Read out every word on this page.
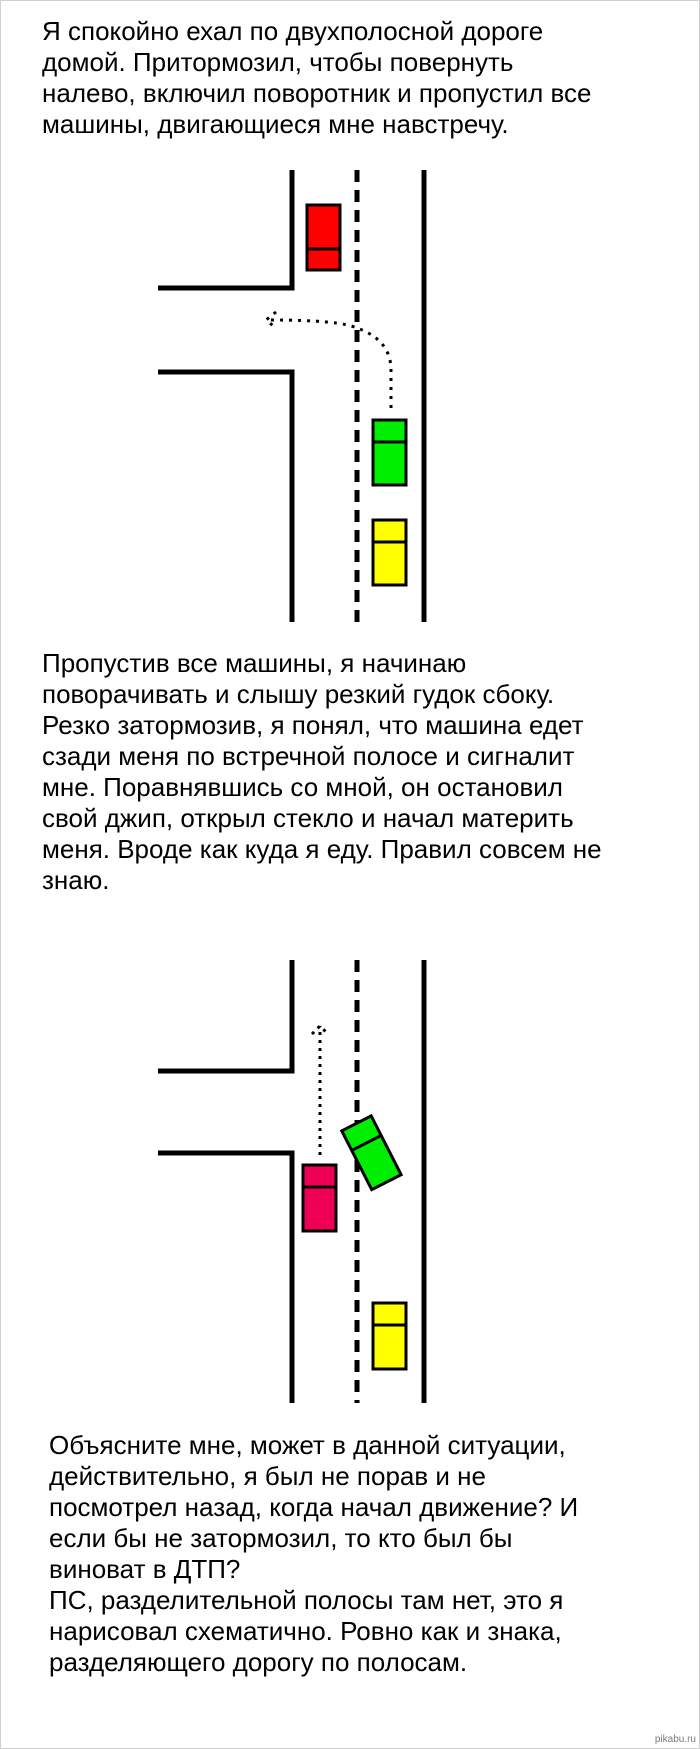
Я спокойно ехал по двухполосной дороге
домой. Притормозил, чтобы повернуть
налево, включил поворотник и пропустил все
машины, двигающиеся мне навстречу.
Пропустив все машины, я начинаю
поворачивать и слышу резкий гудок сбоку.
Резко затормозив, я понял, что машина едет
сзади меня по встречной полосе и сигналит
мне. Поравнявшись со мной, он остановил
свой джип, открыл стекло и начал материть
меня. Вроде как куда я еду. Правил совсем не
знаю.
Объясните мне, может в данной ситуации,
действительно, я был не порав и не
посмотрел назад, когда начал движение? И
если бы не затормозил, то кто был бы
виноват в ДТП?
ПС, разделительной полосы там нет, это я
нарисовал схематично. Ровно как и знака,
разделяющего дорогу по полосам.
pikabu.ru
